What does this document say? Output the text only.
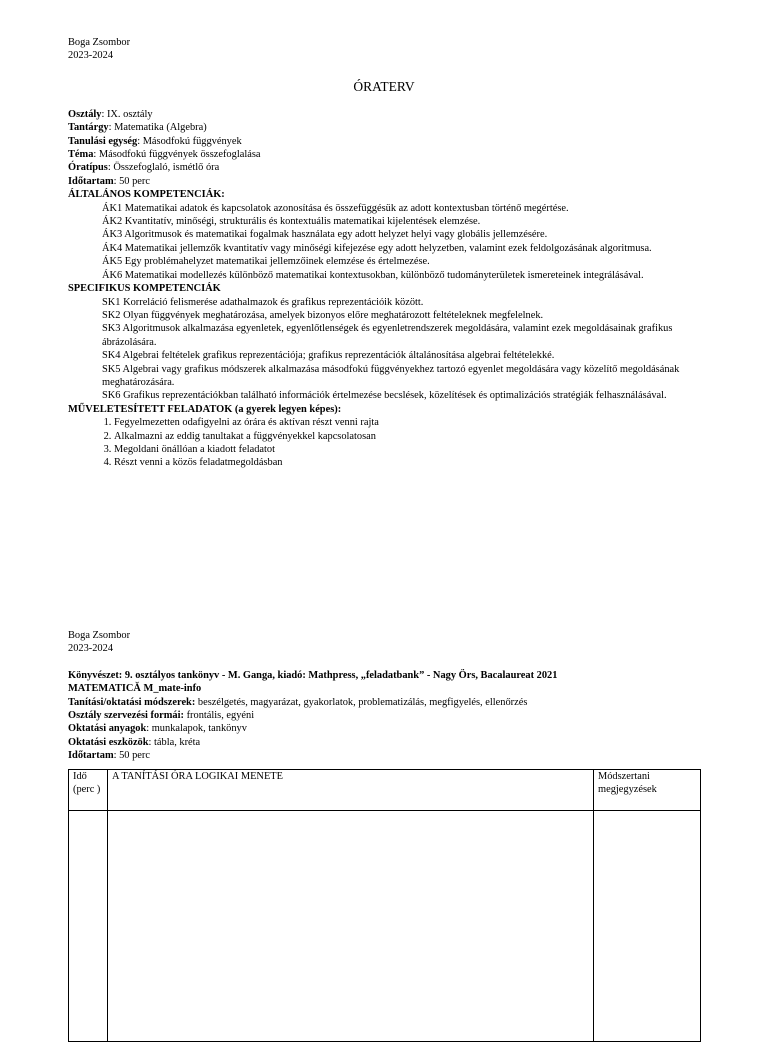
Boga Zsombor
2023-2024
ÓRATERV
Osztály: IX. osztály
Tantárgy: Matematika (Algebra)
Tanulási egység: Másodfokú függvények
Téma: Másodfokú függvények összefoglalása
Óratípus: Összefoglaló, ismétlő óra
Időtartam: 50 perc
ÁLTALÁNOS KOMPETENCIÁK:
ÁK1 Matematikai adatok és kapcsolatok azonosítása és összefüggésük az adott kontextusban történő megértése.
ÁK2 Kvantitatív, minőségi, strukturális és kontextuális matematikai kijelentések elemzése.
ÁK3 Algoritmusok és matematikai fogalmak használata egy adott helyzet helyi vagy globális jellemzésére.
ÁK4 Matematikai jellemzők kvantitatív vagy minőségi kifejezése egy adott helyzetben, valamint ezek feldolgozásának algoritmusa.
ÁK5 Egy problémahelyzet matematikai jellemzőinek elemzése és értelmezése.
ÁK6 Matematikai modellezés különböző matematikai kontextusokban, különböző tudományterületek ismereteinek integrálásával.
SPECIFIKUS KOMPETENCIÁK
SK1 Korreláció felismerése adathalmazok és grafikus reprezentációik között.
SK2 Olyan függvények meghatározása, amelyek bizonyos előre meghatározott feltételeknek megfelelnek.
SK3 Algoritmusok alkalmazása egyenletek, egyenlőtlenségek és egyenletrendszerek megoldására, valamint ezek megoldásainak grafikus ábrázolására.
SK4 Algebrai feltételek grafikus reprezentációja; grafikus reprezentációk általánosítása algebrai feltételekké.
SK5 Algebrai vagy grafikus módszerek alkalmazása másodfokú függvényekhez tartozó egyenlet megoldására vagy közelítő megoldásának meghatározására.
SK6 Grafikus reprezentációkban található információk értelmezése becslések, közelítések és optimalizációs stratégiák felhasználásával.
MŰVELETESÍTETT FELADATOK (a gyerek legyen képes):
1. Fegyelmezetten odafigyelni az órára és aktívan részt venni rajta
2. Alkalmazni az eddig tanultakat a függvényekkel kapcsolatosan
3. Megoldani önállóan a kiadott feladatot
4. Részt venni a közös feladatmegoldásban
Boga Zsombor
2023-2024
Könyvészet: 9. osztályos tankönyv - M. Ganga, kiadó: Mathpress, „feladatbank” - Nagy Örs, Bacalaureat 2021
MATEMATICĂ M_mate-info
Tanítási/oktatási módszerek: beszélgetés, magyarázat, gyakorlatok, problematizálás, megfigyelés, ellenőrzés
Osztály szervezési formái: frontális, egyéni
Oktatási anyagok: munkalapok, tankönyv
Oktatási eszközök: tábla, kréta
Időtartam: 50 perc
Idő (perc )	A TANÍTÁSI ÓRA LOGIKAI MENETE	Módszertani megjegyzések
